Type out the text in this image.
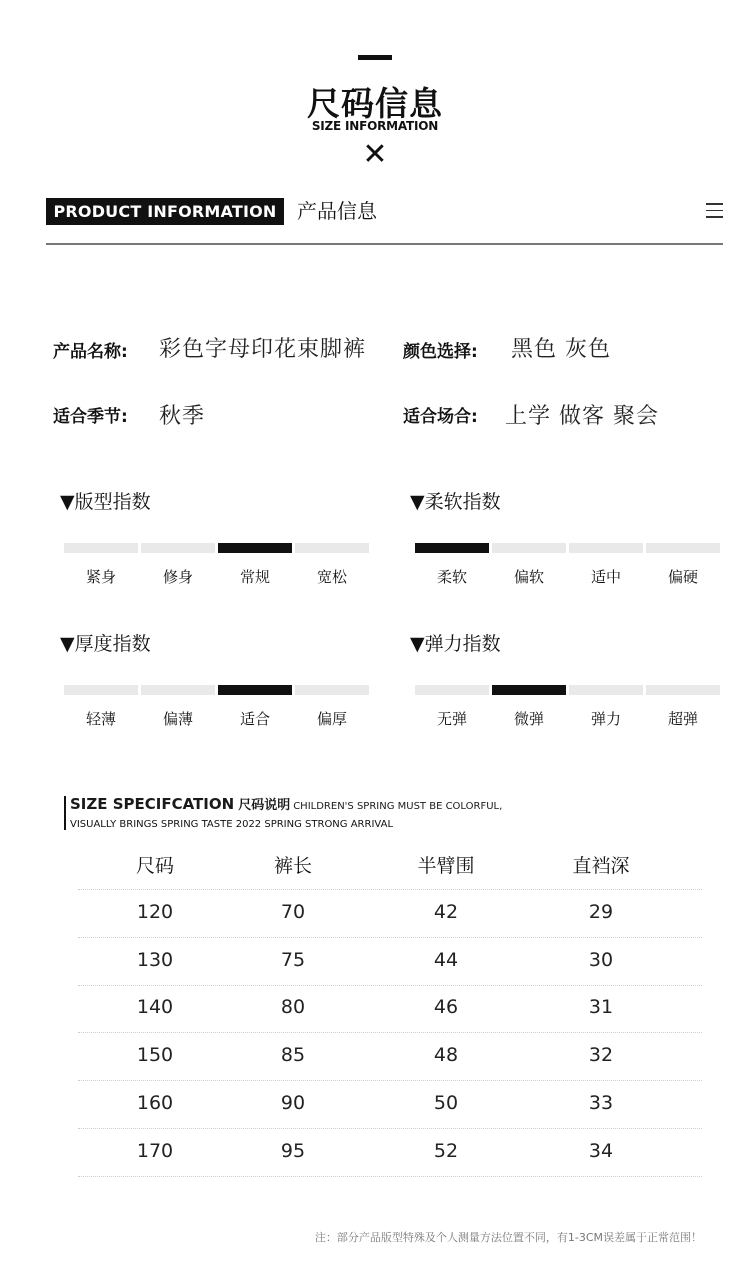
尺码信息
SIZE INFORMATION
✕
PRODUCT INFORMATION	产品信息
产品名称: 彩色字母印花束脚裤 颜色选择: 黑色 灰色
适合季节: 秋季	适合场合: 上学 做客 聚会
▼版型指数
紧身	修身	常规	宽松
▼柔软指数
柔软	偏软	适中	偏硬
▼厚度指数
轻薄	偏薄	适合	偏厚
▼弹力指数
无弹	微弹	弹力	超弹
SIZE SPECIFCATION 尺码说明 CHILDREN'S SPRING MUST BE COLORFUL,
VISUALLY BRINGS SPRING TASTE 2022 SPRING STRONG ARRIVAL
尺码	裤长	半臂围	直裆深
120	70	42	29
130	75	44	30
140	80	46	31
150	85	48	32
160	90	50	33
170	95	52	34
注：部分产品版型特殊及个人测量方法位置不同，有1-3CM误差属于正常范围！
